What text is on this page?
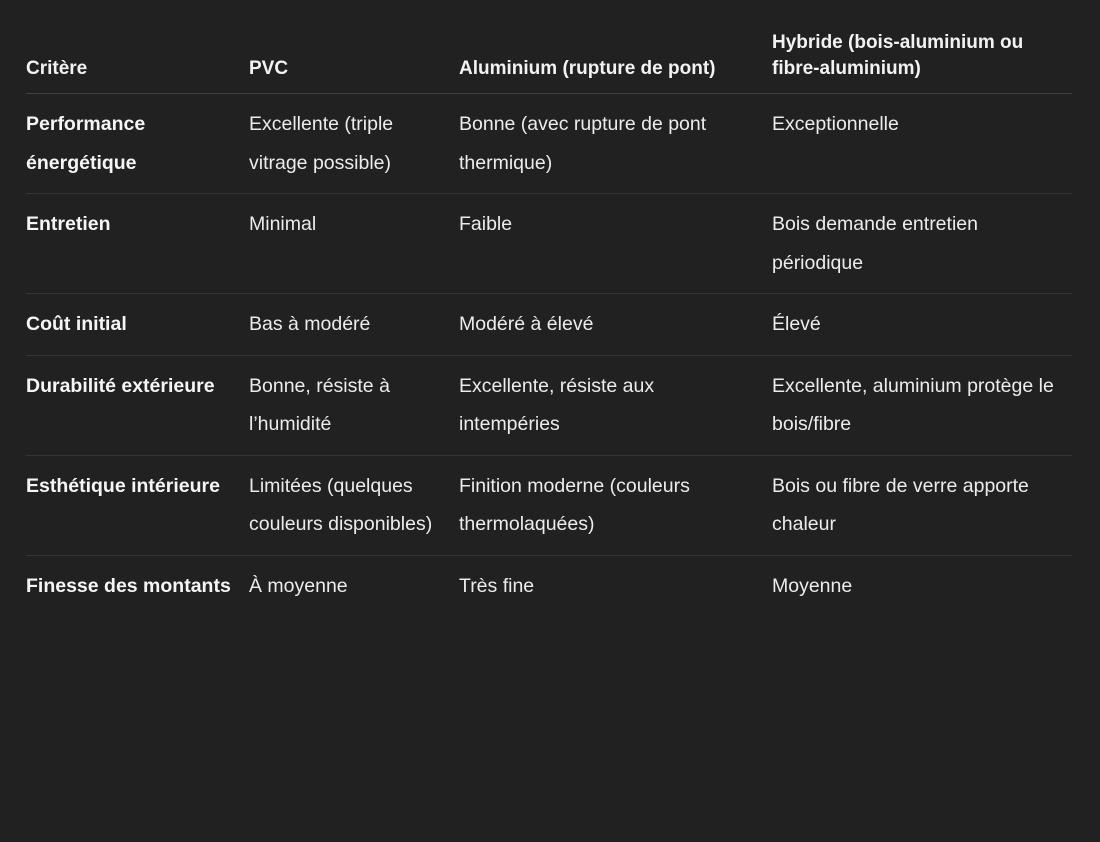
Critère	PVC	Aluminium (rupture de pont)	Hybride (bois-aluminium ou fibre-aluminium)
Performance énergétique	Excellente (triple vitrage possible)	Bonne (avec rupture de pont thermique)	Exceptionnelle
Entretien	Minimal	Faible	Bois demande entretien périodique
Coût initial	Bas à modéré	Modéré à élevé	Élevé
Durabilité extérieure	Bonne, résiste à l’humidité	Excellente, résiste aux intempéries	Excellente, aluminium protège le bois/fibre
Esthétique intérieure	Limitées (quelques couleurs disponibles)	Finition moderne (couleurs thermolaquées)	Bois ou fibre de verre apporte chaleur
Finesse des montants	À moyenne	Très fine	Moyenne
